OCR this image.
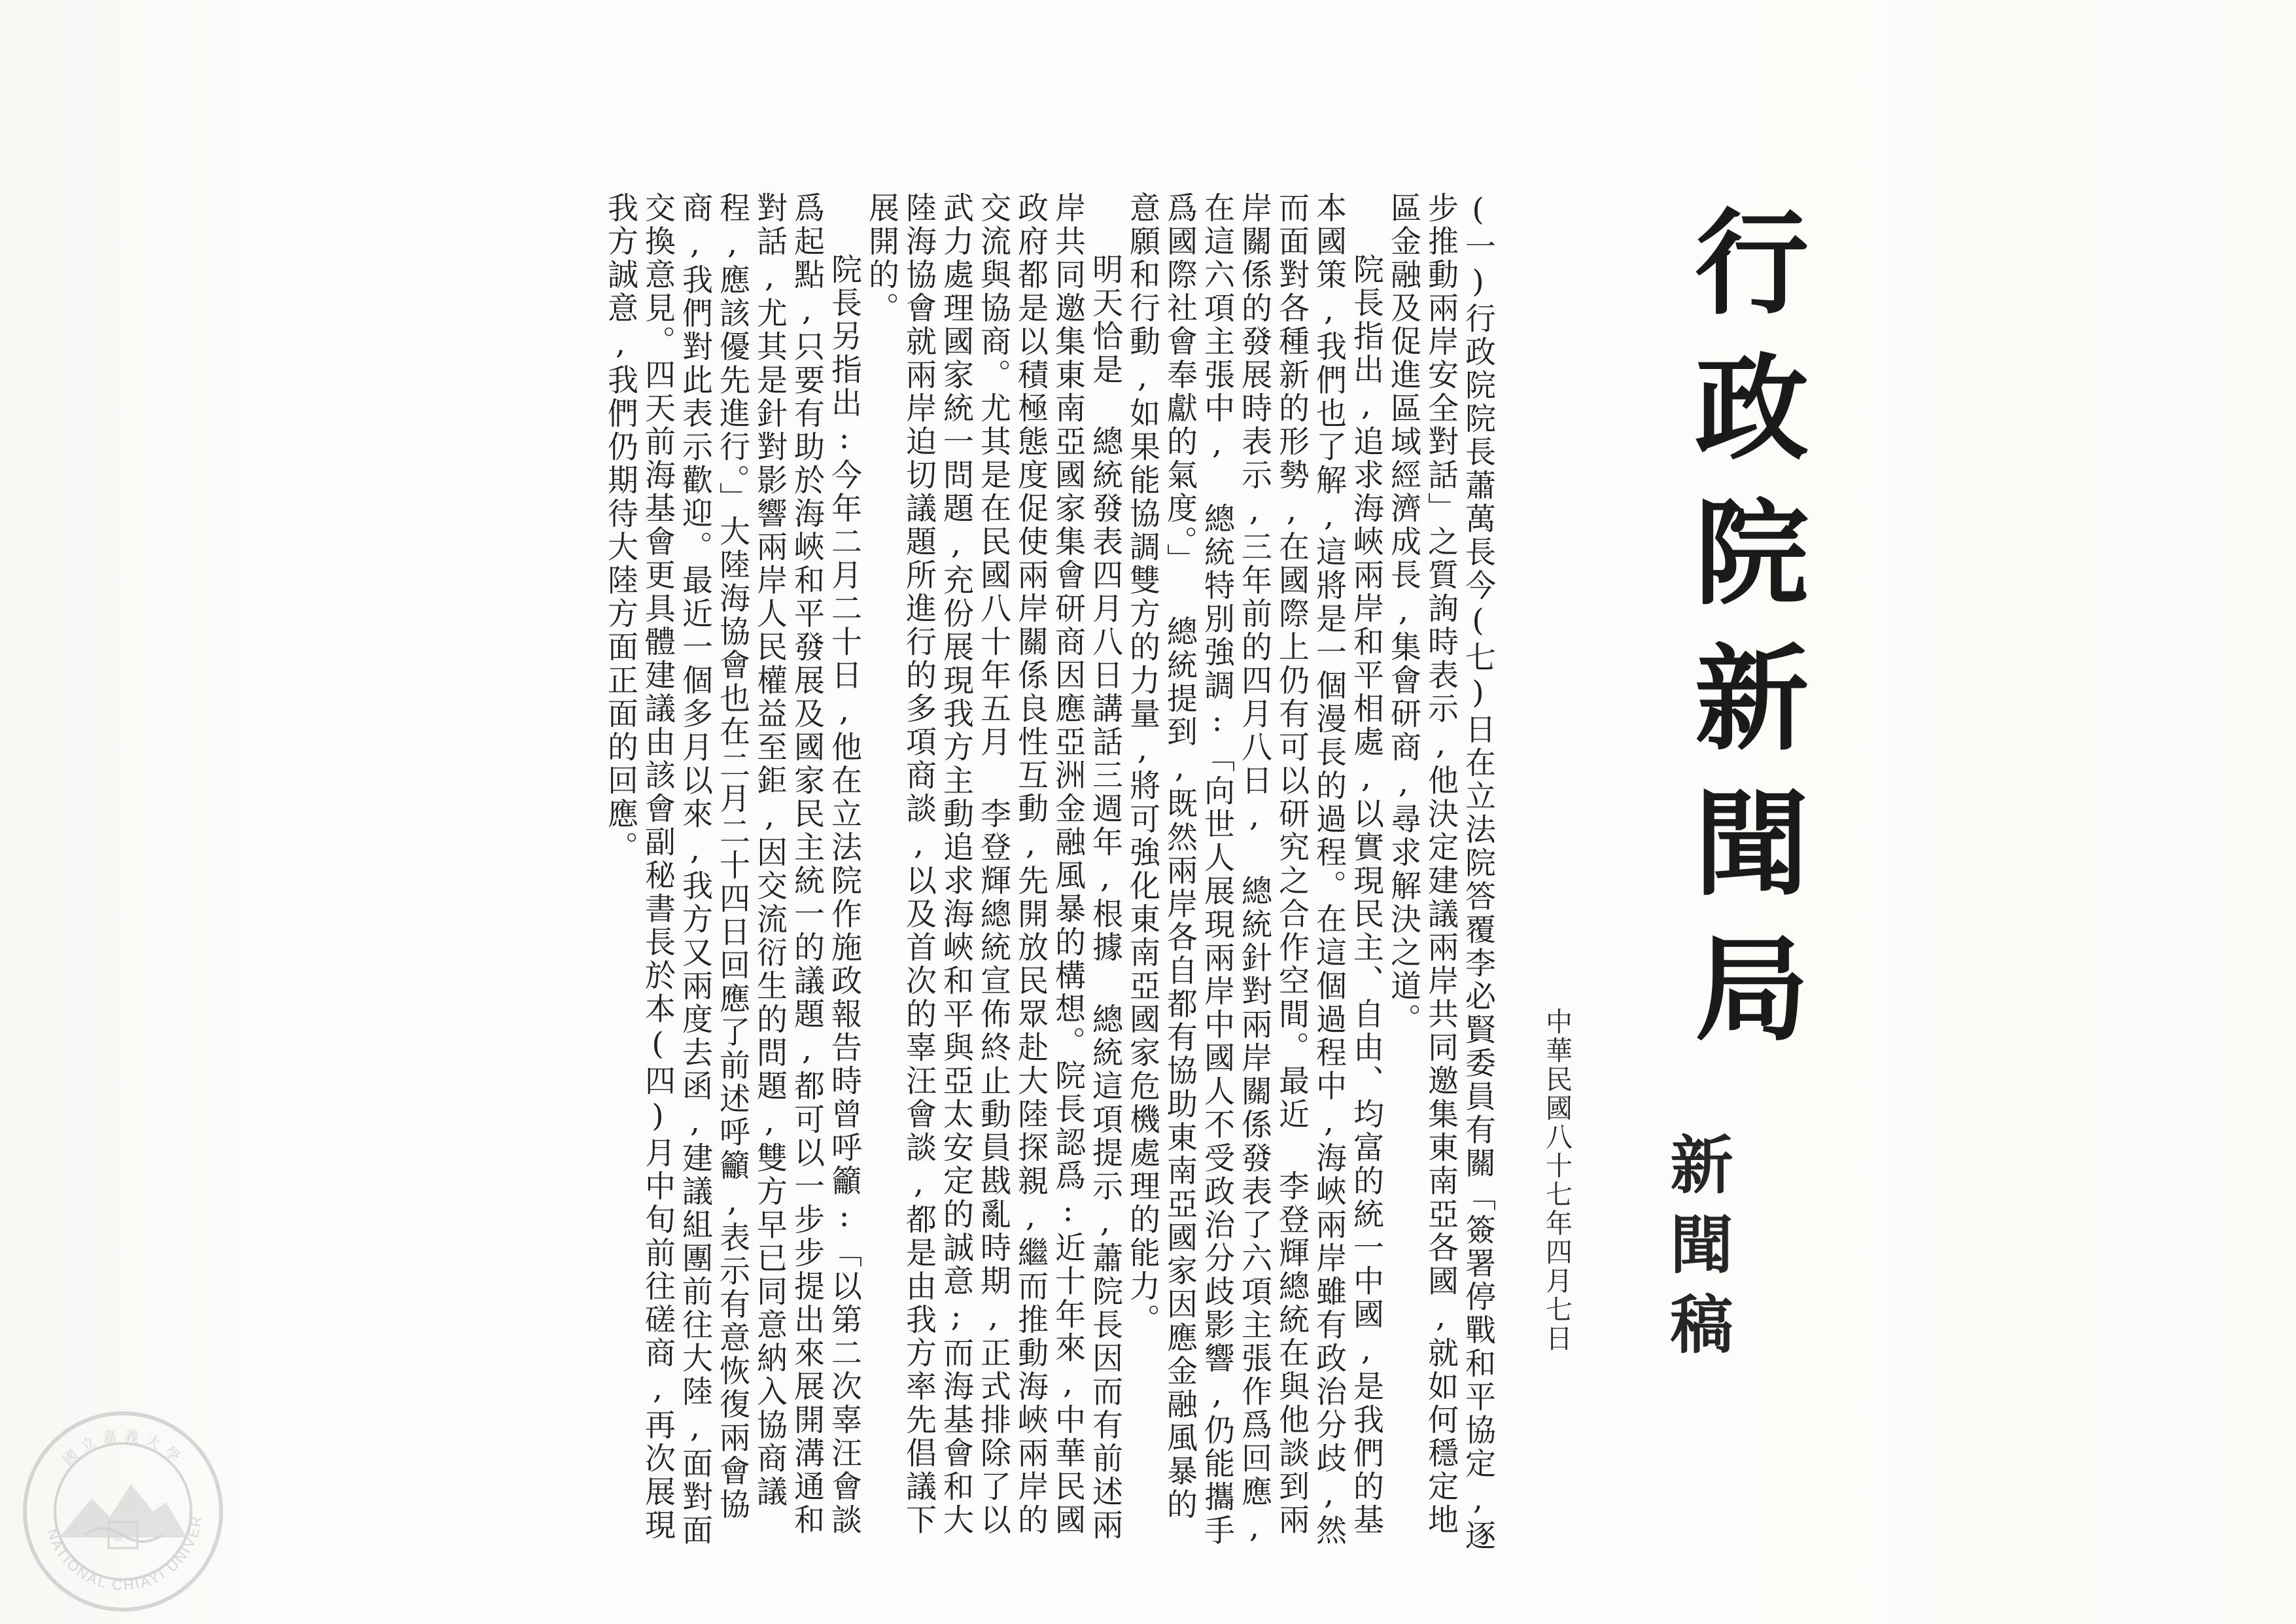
行政院新聞局
新聞稿
中華民國八十七年四月七日

(一)行政院院長蕭萬長今(七)日在立法院答覆李必賢委員有關「簽署停戰和平協定,逐步推動兩岸安全對話」之質詢時表示,他決定建議兩岸共同邀集東南亞各國,就如何穩定地區金融及促進區域經濟成長,集會研商,尋求解決之道。

院長指出,追求海峽兩岸和平相處,以實現民主、自由、均富的統一中國,是我們的基本國策,我們也了解,這將是一個漫長的過程。在這個過程中,海峽兩岸雖有政治分歧,然而面對各種新的形勢,在國際上仍有可以研究之合作空間。最近 李登輝總統在與他談到兩岸關係的發展時表示,三年前的四月八日, 總統針對兩岸關係發表了六項主張作爲回應,在這六項主張中, 總統特別強調:「向世人展現兩岸中國人不受政治分歧影響,仍能攜手爲國際社會奉獻的氣度。」 總統提到,既然兩岸各自都有協助東南亞國家因應金融風暴的意願和行動,如果能協調雙方的力量,將可強化東南亞國家危機處理的能力。

明天恰是 總統發表四月八日講話三週年,根據 總統這項提示,蕭院長因而有前述兩岸共同邀集東南亞國家集會研商因應亞洲金融風暴的構想。院長認爲:近十年來,中華民國政府都是以積極態度促使兩岸關係良性互動,先開放民眾赴大陸探親,繼而推動海峽兩岸的交流與協商。尤其是在民國八十年五月 李登輝總統宣佈終止動員戡亂時期,正式排除了以武力處理國家統一問題,充份展現我方主動追求海峽和平與亞太安定的誠意;而海基會和大陸海協會就兩岸迫切議題所進行的多項商談,以及首次的辜汪會談,都是由我方率先倡議下展開的。

院長另指出:今年二月二十日,他在立法院作施政報告時曾呼籲:「以第二次辜汪會談爲起點,只要有助於海峽和平發展及國家民主統一的議題,都可以一步步提出來展開溝通和對話,尤其是針對影響兩岸人民權益至鉅,因交流衍生的問題,雙方早已同意納入協商議程,應該優先進行。」大陸海協會也在二月二十四日回應了前述呼籲,表示有意恢復兩會協商,我們對此表示歡迎。最近一個多月以來,我方又兩度去函,建議組團前往大陸,面對面交換意見。四天前海基會更具體建議由該會副秘書長於本(四)月中旬前往磋商,再次展現我方誠意,我們仍期待大陸方面正面的回應。

NATIONAL CHIAYI UNIVER
國立嘉義大學
嘉大
